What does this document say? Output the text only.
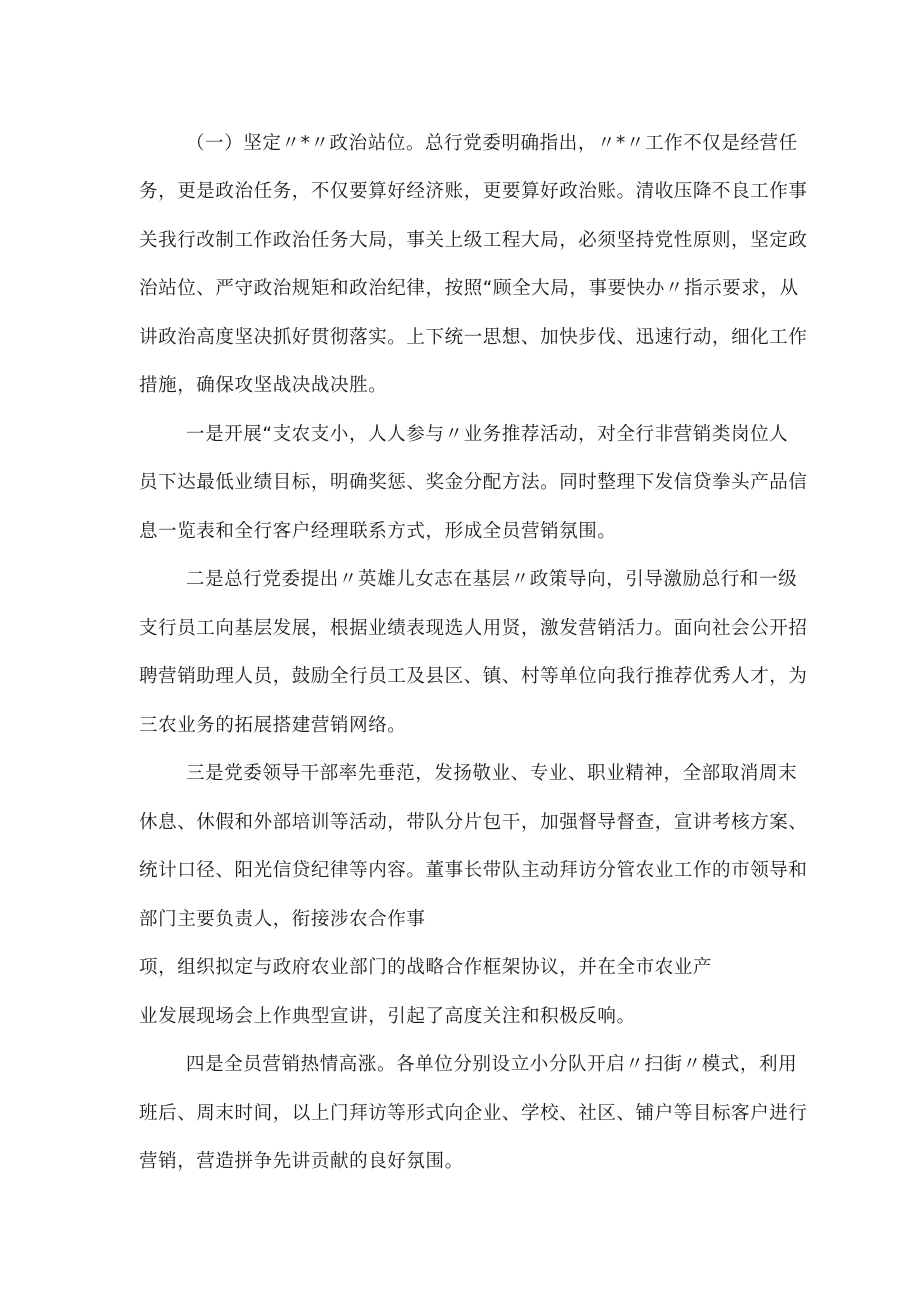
（一）坚定〃*〃政治站位。总行党委明确指出，〃*〃工作不仅是经营任
务，更是政治任务，不仅要算好经济账，更要算好政治账。清收压降不良工作事
关我行改制工作政治任务大局，事关上级工程大局，必须坚持党性原则，坚定政
治站位、严守政治规矩和政治纪律，按照“顾全大局，事要快办〃指示要求，从
讲政治高度坚决抓好贯彻落实。上下统一思想、加快步伐、迅速行动，细化工作
措施，确保攻坚战决战决胜。
一是开展“支农支小，人人参与〃业务推荐活动，对全行非营销类岗位人
员下达最低业绩目标，明确奖惩、奖金分配方法。同时整理下发信贷拳头产品信
息一览表和全行客户经理联系方式，形成全员营销氛围。
二是总行党委提出〃英雄儿女志在基层〃政策导向，引导激励总行和一级
支行员工向基层发展，根据业绩表现选人用贤，激发营销活力。面向社会公开招
聘营销助理人员，鼓励全行员工及县区、镇、村等单位向我行推荐优秀人才，为
三农业务的拓展搭建营销网络。
三是党委领导干部率先垂范，发扬敬业、专业、职业精神，全部取消周末
休息、休假和外部培训等活动，带队分片包干，加强督导督查，宣讲考核方案、
统计口径、阳光信贷纪律等内容。董事长带队主动拜访分管农业工作的市领导和
部门主要负责人，衔接涉农合作事
项，组织拟定与政府农业部门的战略合作框架协议，并在全市农业产
业发展现场会上作典型宣讲，引起了高度关注和积极反响。
四是全员营销热情高涨。各单位分别设立小分队开启〃扫街〃模式，利用
班后、周末时间，以上门拜访等形式向企业、学校、社区、铺户等目标客户进行
营销，营造拼争先讲贡献的良好氛围。
